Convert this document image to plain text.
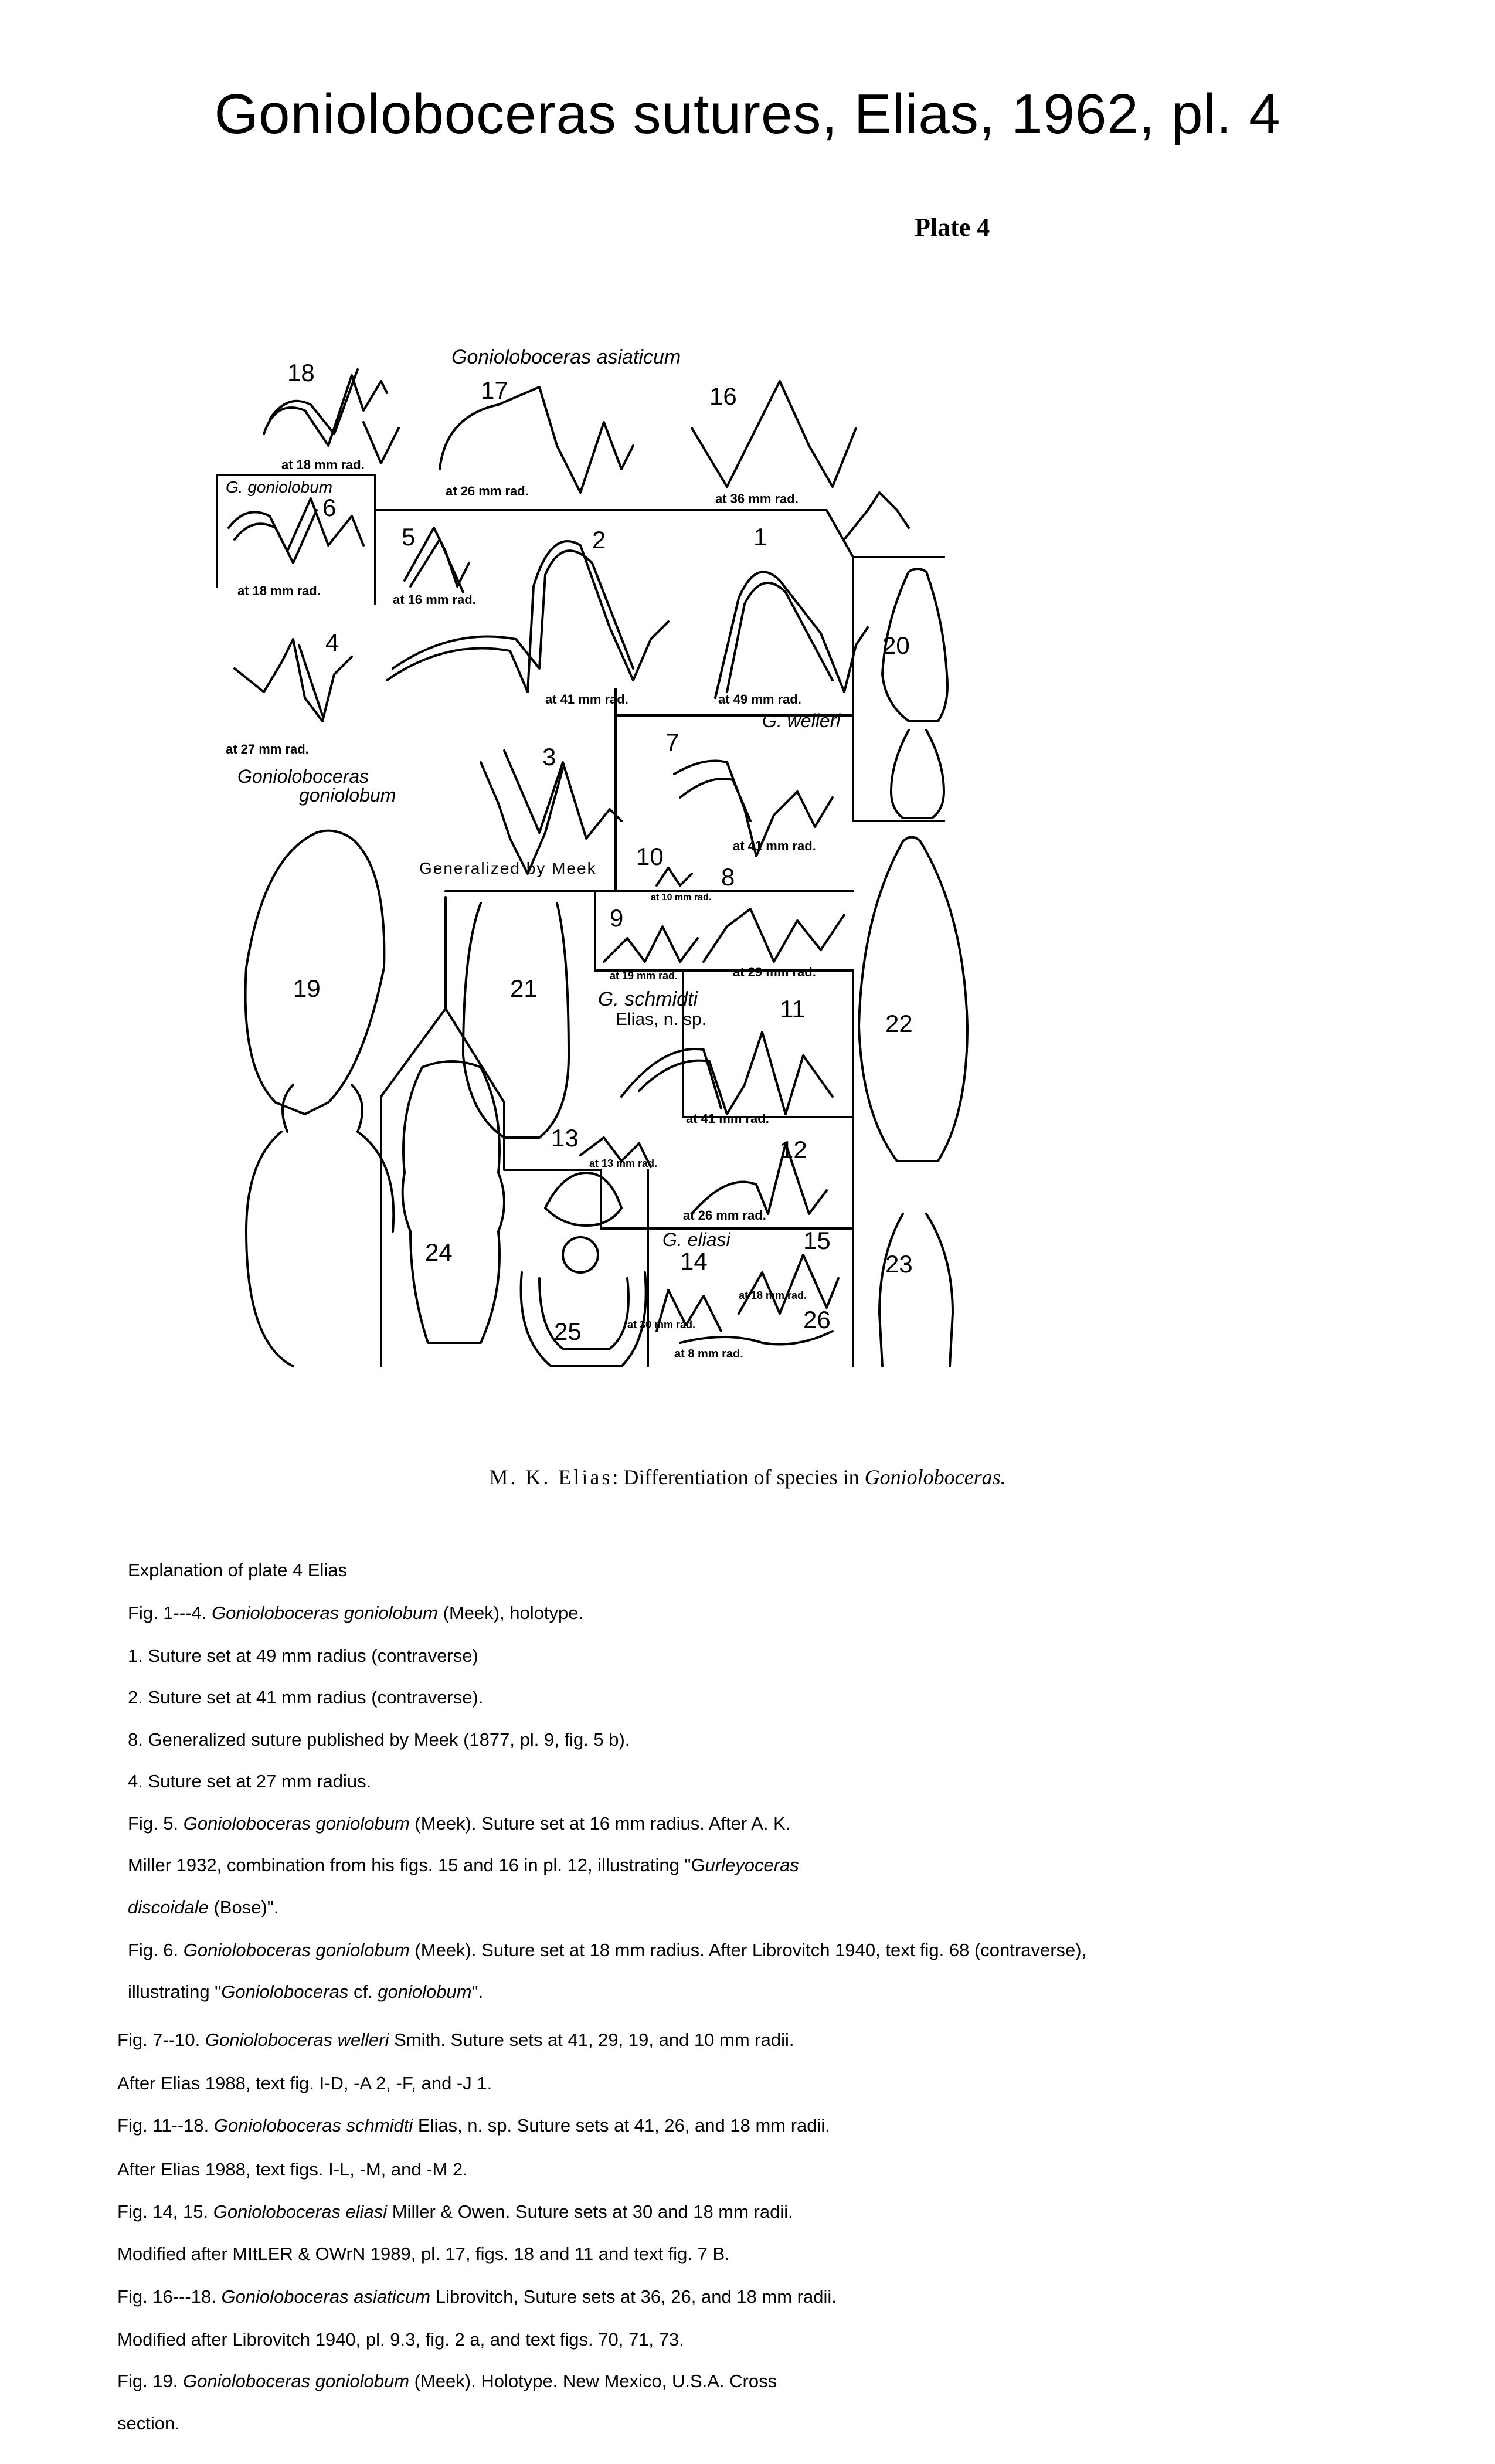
Gonioloboceras sutures, Elias, 1962, pl. 4
Plate 4
Gonioloboceras asiaticum
G. goniolobum
Gonioloboceras
goniolobum
G. welleri
G. schmidti
Elias, n. sp.
G. eliasi
Generalized by Meek
18
17	16
6
5	2	1
4	20
7
3
10
8
9
19	21
11
22
13	12
24	14
15
26
25
23
at 18 mm rad.
at 26 mm rad.
at 36 mm rad.
at 18 mm rad.
at 16 mm rad.
at 41 mm rad.	at 49 mm rad.
at 27 mm rad.
at 41 mm rad.
at 10 mm rad.
at 19 mm rad.	at 29 mm rad.
at 41 mm rad.
at 13 mm rad.
at 26 mm rad.
at 18 mm rad.
at 30 mm rad.
at 8 mm rad.
M. K. Elias: Differentiation of species in Gonioloboceras.

Explanation of plate 4 Elias

Fig. 1---4. Gonioloboceras goniolobum (Meek), holotype.

1. Suture set at 49 mm radius (contraverse)

2. Suture set at 41 mm radius (contraverse).

8. Generalized suture published by Meek (1877, pl. 9, fig. 5 b).

4. Suture set at 27 mm radius.

Fig. 5. Gonioloboceras goniolobum (Meek). Suture set at 16 mm radius. After A. K.

Miller 1932, combination from his figs. 15 and 16 in pl. 12, illustrating "Gurleyoceras

discoidale (Bose)".

Fig. 6. Gonioloboceras goniolobum (Meek). Suture set at 18 mm radius. After Librovitch 1940, text fig. 68 (contraverse),

illustrating "Gonioloboceras cf. goniolobum".

Fig. 7--10. Gonioloboceras welleri Smith. Suture sets at 41, 29, 19, and 10 mm radii.

After Elias 1988, text fig. I-D, -A 2, -F, and -J 1.

Fig. 11--18. Gonioloboceras schmidti Elias, n. sp. Suture sets at 41, 26, and 18 mm radii.

After Elias 1988, text figs. I-L, -M, and -M 2.

Fig. 14, 15. Gonioloboceras eliasi Miller & Owen. Suture sets at 30 and 18 mm radii.

Modified after MItLER & OWrN 1989, pl. 17, figs. 18 and 11 and text fig. 7 B.

Fig. 16---18. Gonioloboceras asiaticum Librovitch, Suture sets at 36, 26, and 18 mm radii.

Modified after Librovitch 1940, pl. 9.3, fig. 2 a, and text figs. 70, 71, 73.

Fig. 19. Gonioloboceras goniolobum (Meek). Holotype. New Mexico, U.S.A. Cross

section.
